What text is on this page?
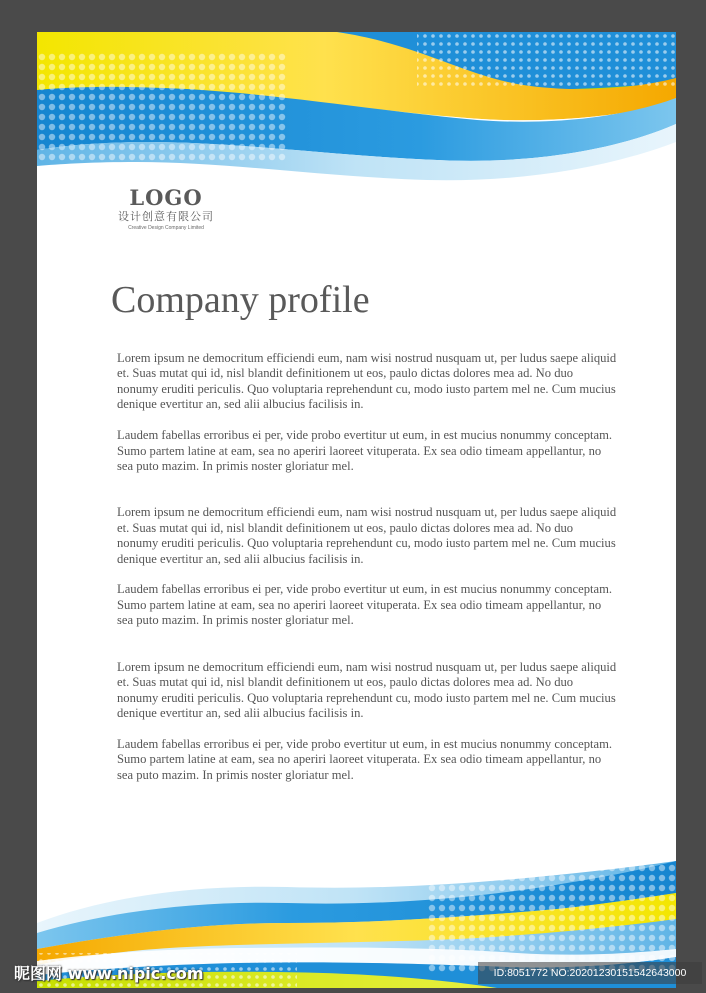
LOGO
设计创意有限公司
Creative Design Company Limited
Company profile

Lorem ipsum ne democritum efficiendi eum, nam wisi nostrud nusquam ut, per ludus saepe aliquid et. Suas mutat qui id, nisl blandit definitionem ut eos, paulo dictas dolores mea ad. No duo nonumy eruditi periculis. Quo voluptaria reprehendunt cu, modo iusto partem mel ne. Cum mucius denique evertitur an, sed alii albucius facilisis in.

Laudem fabellas erroribus ei per, vide probo evertitur ut eum, in est mucius nonummy conceptam. Sumo partem latine at eam, sea no aperiri laoreet vituperata. Ex sea odio timeam appellantur, no sea puto mazim. In primis noster gloriatur mel.

Lorem ipsum ne democritum efficiendi eum, nam wisi nostrud nusquam ut, per ludus saepe aliquid et. Suas mutat qui id, nisl blandit definitionem ut eos, paulo dictas dolores mea ad. No duo nonumy eruditi periculis. Quo voluptaria reprehendunt cu, modo iusto partem mel ne. Cum mucius denique evertitur an, sed alii albucius facilisis in.

Laudem fabellas erroribus ei per, vide probo evertitur ut eum, in est mucius nonummy conceptam. Sumo partem latine at eam, sea no aperiri laoreet vituperata. Ex sea odio timeam appellantur, no sea puto mazim. In primis noster gloriatur mel.

Lorem ipsum ne democritum efficiendi eum, nam wisi nostrud nusquam ut, per ludus saepe aliquid et. Suas mutat qui id, nisl blandit definitionem ut eos, paulo dictas dolores mea ad. No duo nonumy eruditi periculis. Quo voluptaria reprehendunt cu, modo iusto partem mel ne. Cum mucius denique evertitur an, sed alii albucius facilisis in.

Laudem fabellas erroribus ei per, vide probo evertitur ut eum, in est mucius nonummy conceptam. Sumo partem latine at eam, sea no aperiri laoreet vituperata. Ex sea odio timeam appellantur, no sea puto mazim. In primis noster gloriatur mel.

昵图网 www.nipic.com	ID:8051772 NO:20201230151542643000
